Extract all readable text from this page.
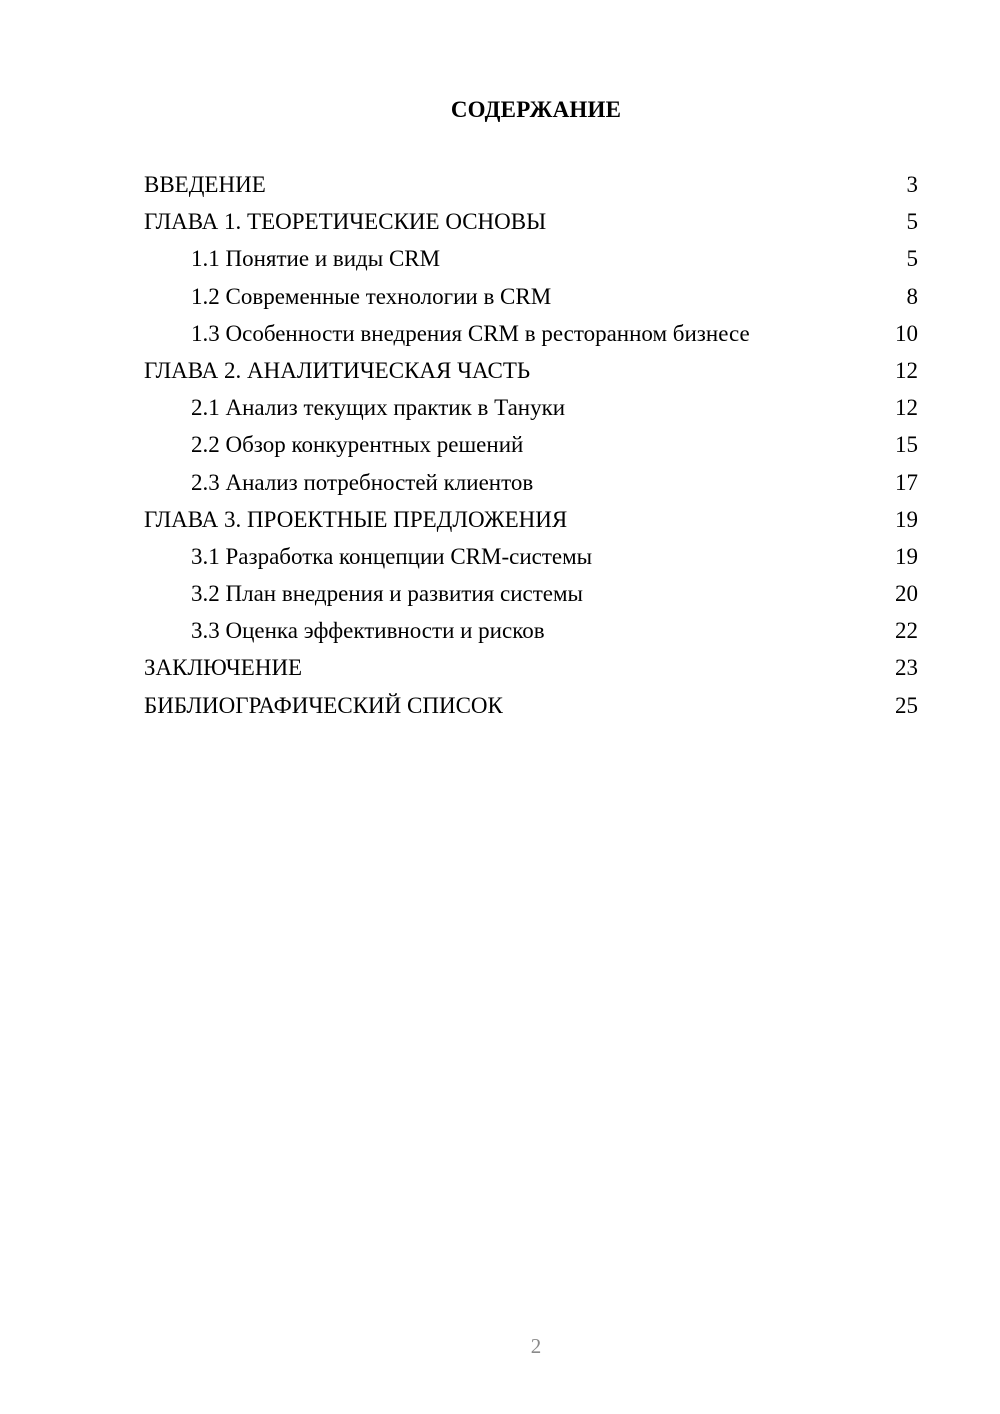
СОДЕРЖАНИЕ
ВВЕДЕНИЕ	3
ГЛАВА 1. ТЕОРЕТИЧЕСКИЕ ОСНОВЫ	5
1.1 Понятие и виды CRM	5
1.2 Современные технологии в CRM	8
1.3 Особенности внедрения CRM в ресторанном бизнесе	10
ГЛАВА 2. АНАЛИТИЧЕСКАЯ ЧАСТЬ	12
2.1 Анализ текущих практик в Тануки	12
2.2 Обзор конкурентных решений	15
2.3 Анализ потребностей клиентов	17
ГЛАВА 3. ПРОЕКТНЫЕ ПРЕДЛОЖЕНИЯ	19
3.1 Разработка концепции CRM-системы	19
3.2 План внедрения и развития системы	20
3.3 Оценка эффективности и рисков	22
ЗАКЛЮЧЕНИЕ	23
БИБЛИОГРАФИЧЕСКИЙ СПИСОК	25
2
